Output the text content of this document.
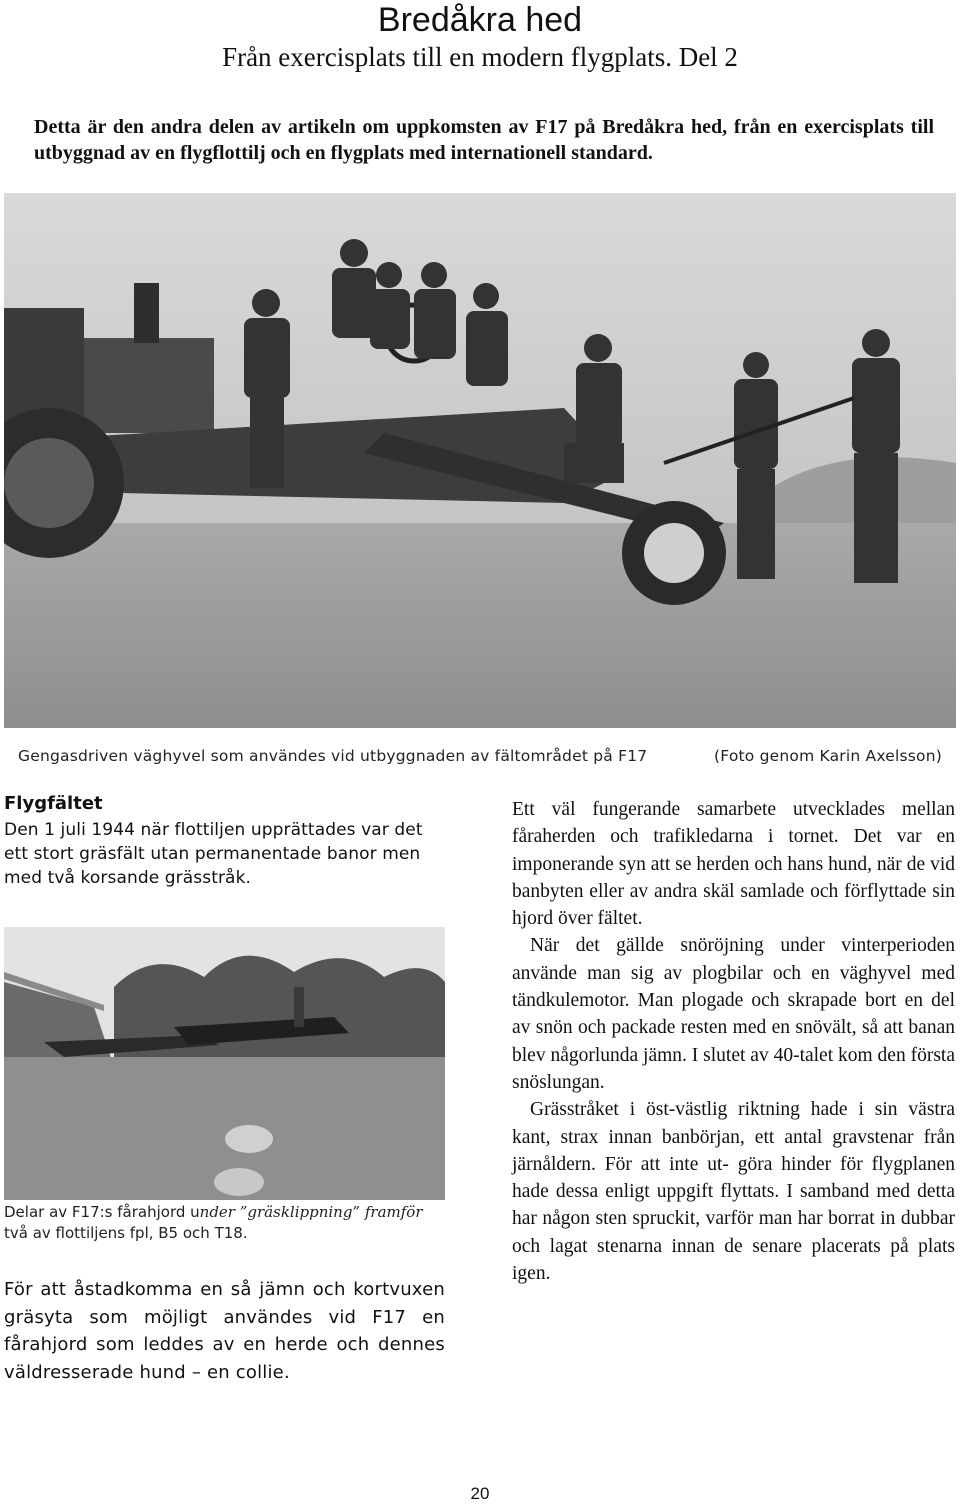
Bredåkra hed
Från exercisplats till en modern flygplats. Del 2
Detta är den andra delen av artikeln om uppkomsten av F17 på Bredåkra hed, från en exercisplats till utbyggnad av en flygflottilj och en flygplats med internationell standard.
Gengasdriven väghyvel som användes vid utbyggnaden av fältområdet på F17	(Foto genom Karin Axelsson)
Flygfältet
Den 1 juli 1944 när flottiljen upprättades var det ett stort gräsfält utan permanentade banor men med två korsande grässtråk.
Delar av F17:s fårahjord under ”gräsklippning” framför två av flottiljens fpl, B5 och T18.
För att åstadkomma en så jämn och kortvuxen gräsyta som möjligt användes vid F17 en fårahjord som leddes av en herde och dennes väldresserade hund – en collie.

Ett väl fungerande samarbete utvecklades mellan fåraherden och trafikledarna i tornet. Det var en imponerande syn att se herden och hans hund, när de vid banbyten eller av andra skäl samlade och förflyttade sin hjord över fältet.

När det gällde snöröjning under vinterperioden använde man sig av plogbilar och en väghyvel med tändkulemotor. Man plogade och skrapade bort en del av snön och packade resten med en snövält, så att banan blev någorlunda jämn. I slutet av 40-talet kom den första snöslungan.

Grässtråket i öst-västlig riktning hade i sin västra kant, strax innan banbörjan, ett antal gravstenar från järnåldern. För att inte ut- göra hinder för flygplanen hade dessa enligt uppgift flyttats. I samband med detta har någon sten spruckit, varför man har borrat in dubbar och lagat stenarna innan de senare placerats på plats igen.

20
